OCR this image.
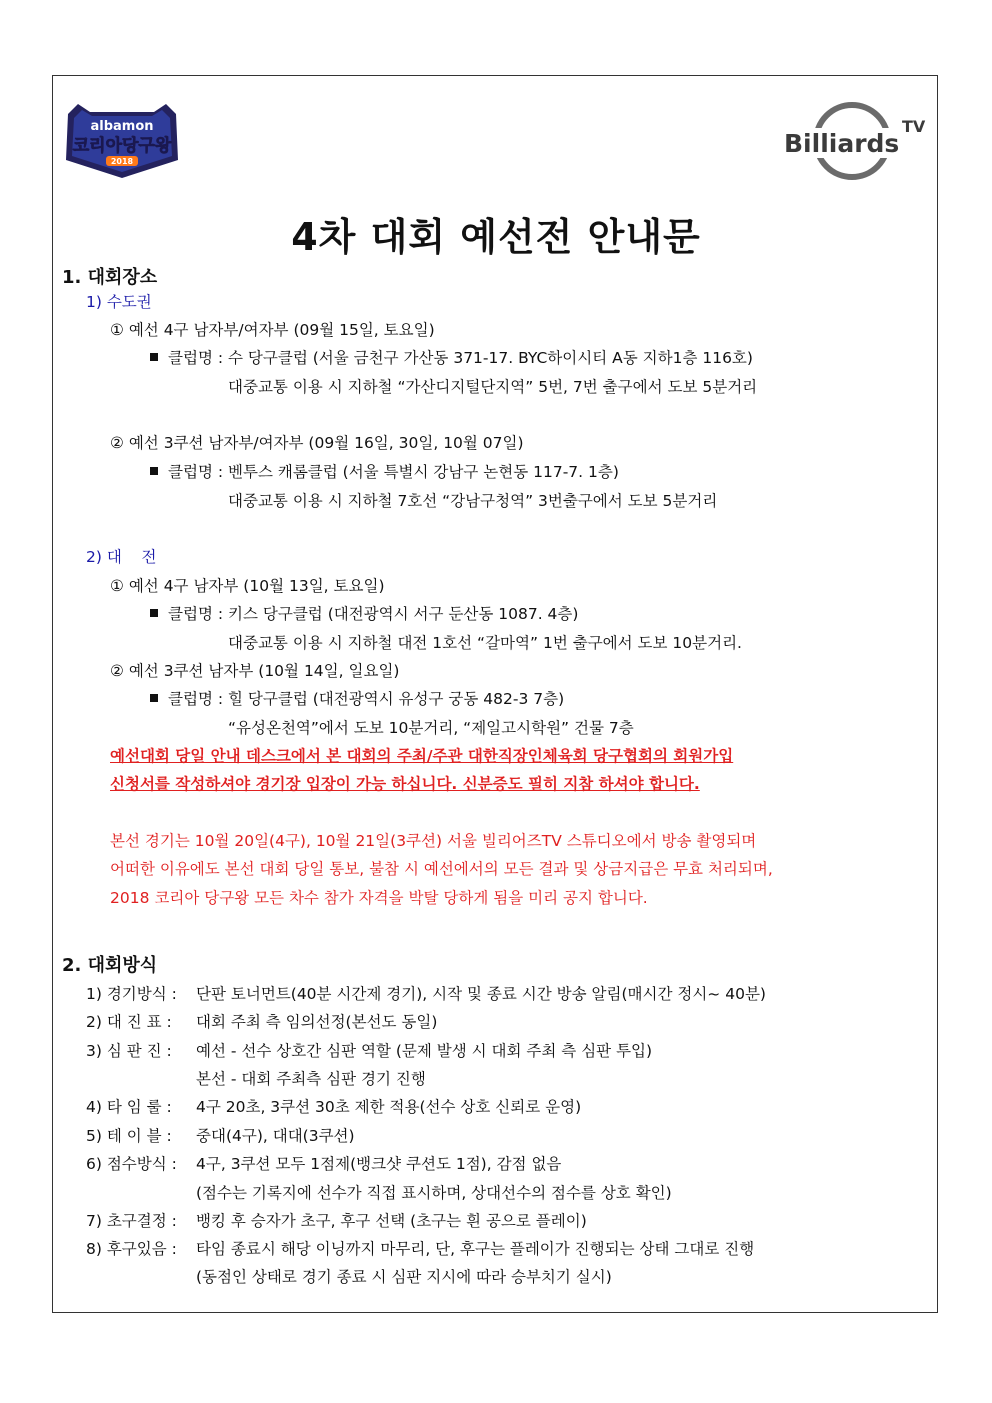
albamon
코리아당구왕
2018
Billiards
TV
4차 대회 예선전 안내문
1. 대회장소
1) 수도권
① 예선 4구 남자부/여자부 (09월 15일, 토요일)
클럽명 : 수 당구클럽 (서울 금천구 가산동 371-17. BYC하이시티 A동 지하1층 116호)
대중교통 이용 시 지하철 “가산디지털단지역” 5번, 7번 출구에서 도보 5분거리
② 예선 3쿠션 남자부/여자부 (09월 16일, 30일, 10월 07일)
클럽명 : 벤투스 캐롬클럽 (서울 특별시 강남구 논현동 117-7. 1층)
대중교통 이용 시 지하철 7호선 “강남구청역” 3번출구에서 도보 5분거리
2) 대    전
① 예선 4구 남자부 (10월 13일, 토요일)
클럽명 : 키스 당구클럽 (대전광역시 서구 둔산동 1087. 4층)
대중교통 이용 시 지하철 대전 1호선 “갈마역” 1번 출구에서 도보 10분거리.
② 예선 3쿠션 남자부 (10월 14일, 일요일)
클럽명 : 힐 당구클럽 (대전광역시 유성구 궁동 482-3 7층)
“유성온천역”에서 도보 10분거리, “제일고시학원” 건물 7층
예선대회 당일 안내 데스크에서 본 대회의 주최/주관 대한직장인체육회 당구협회의 회원가입
신청서를 작성하셔야 경기장 입장이 가능 하십니다. 신분증도 필히 지참 하셔야 합니다.
본선 경기는 10월 20일(4구), 10월 21일(3쿠션) 서울 빌리어즈TV 스튜디오에서 방송 촬영되며
어떠한 이유에도 본선 대회 당일 통보, 불참 시 예선에서의 모든 결과 및 상금지급은 무효 처리되며,
2018 코리아 당구왕 모든 차수 참가 자격을 박탈 당하게 됨을 미리 공지 합니다.
2. 대회방식
1) 경기방식 : 단판 토너먼트(40분 시간제 경기), 시작 및 종료 시간 방송 알림(매시간 정시~ 40분)
2) 대 진 표 : 대회 주최 측 임의선정(본선도 동일)
3) 심 판 진 : 예선 - 선수 상호간 심판 역할 (문제 발생 시 대회 주최 측 심판 투입)
본선 - 대회 주최측 심판 경기 진행
4) 타 임 룰 : 4구 20초, 3쿠션 30초 제한 적용(선수 상호 신뢰로 운영)
5) 테 이 블 : 중대(4구), 대대(3쿠션)
6) 점수방식 : 4구, 3쿠션 모두 1점제(뱅크샷 쿠션도 1점), 감점 없음
(점수는 기록지에 선수가 직접 표시하며, 상대선수의 점수를 상호 확인)
7) 초구결정 : 뱅킹 후 승자가 초구, 후구 선택 (초구는 흰 공으로 플레이)
8) 후구있음 : 타임 종료시 해당 이닝까지 마무리, 단, 후구는 플레이가 진행되는 상태 그대로 진행
(동점인 상태로 경기 종료 시 심판 지시에 따라 승부치기 실시)
